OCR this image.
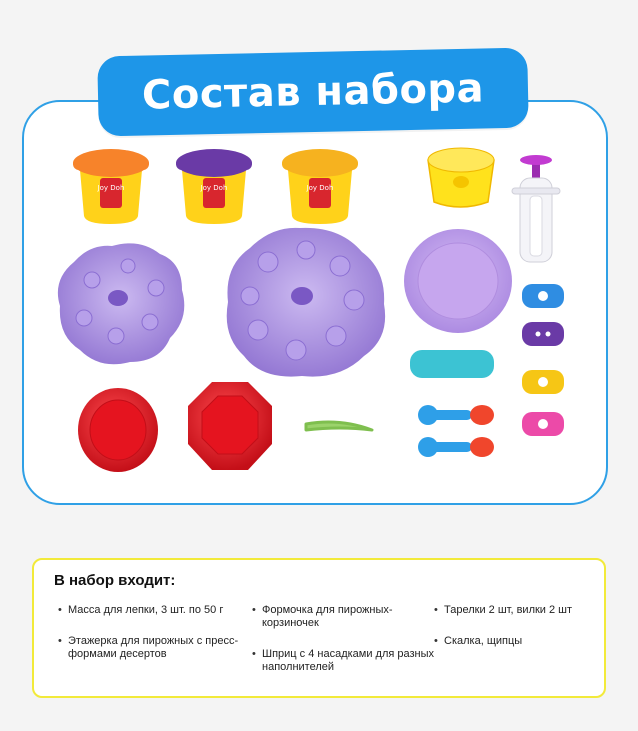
Состав набора
Joy Doh	Joy Doh	Joy Doh
В набор входит:
• Масса для лепки, 3 шт. по 50 г
• Этажерка для пирожных с пресс-формами десертов
• Формочка для пирожных-корзиночек
• Шприц с 4 насадками для разных наполнителей
• Тарелки 2 шт, вилки 2 шт
• Скалка, щипцы
